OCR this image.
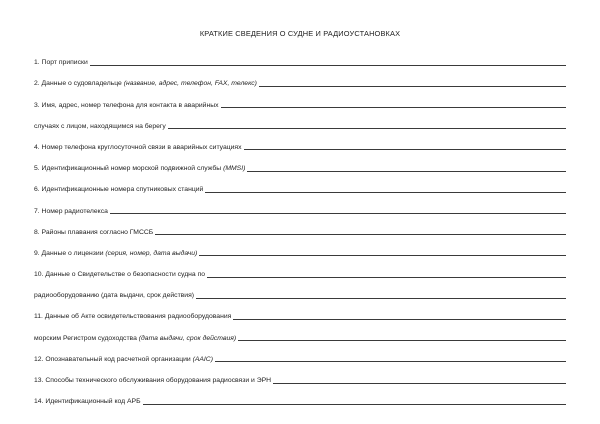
КРАТКИЕ СВЕДЕНИЯ О СУДНЕ И РАДИОУСТАНОВКАХ
1. Порт приписки
2. Данные о судовладельце (название, адрес, телефон, FAX, телекс)
3. Имя, адрес, номер телефона для контакта в аварийных
случаях с лицом, находящимся на берегу
4. Номер телефона круглосуточной связи в аварийных ситуациях
5. Идентификационный номер морской подвижной службы (MMSI)
6. Идентификационные номера спутниковых станций
7. Номер радиотелекса
8. Районы плавания согласно ГМССБ
9. Данные о лицензии (серия, номер, дата выдачи)
10. Данные о Свидетельстве о безопасности судна по
радиооборудованию (дата выдачи, срок действия)
11. Данные об Акте освидетельствования радиооборудования
морским Регистром судоходства (дата выдачи, срок действия)
12. Опознавательный код расчетной организации (AAIC)
13. Способы технического обслуживания оборудования радиосвязи и ЭРН
14. Идентификационный код АРБ
